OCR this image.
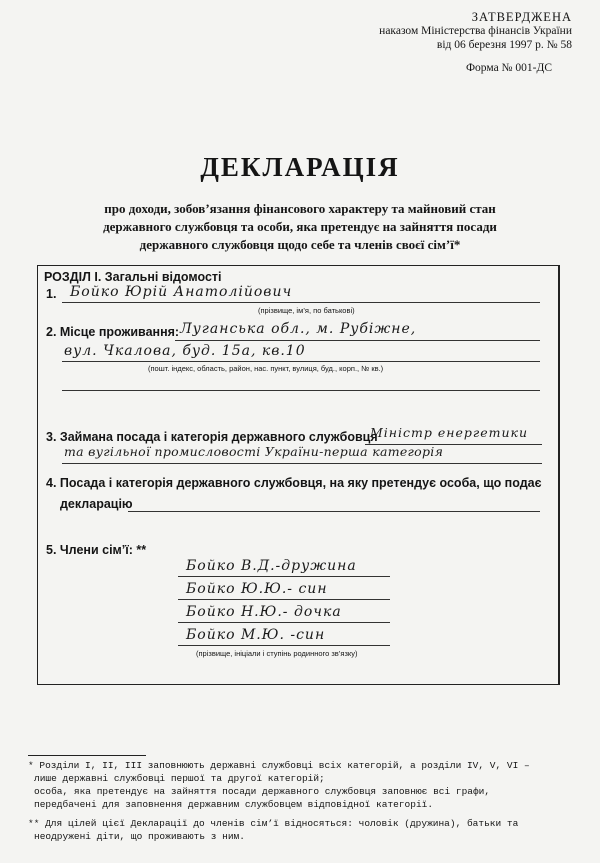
ЗАТВЕРДЖЕНА
наказом Міністерства фінансів України
від 06 березня 1997 р. № 58
Форма № 001-ДС
ДЕКЛАРАЦІЯ
про доходи, зобов’язання фінансового характеру та майновий стан
державного службовця та особи, яка претендує на зайняття посади
державного службовця щодо себе та членів своєї сім’ї*
РОЗДІЛ I. Загальні відомості
1. Бойко Юрій Анатолійович
(прізвище, ім’я, по батькові)
2. Місце проживання: Луганська обл., м. Рубіжне,
вул. Чкалова, буд. 15а, кв.10
(пошт. індекс, область, район, нас. пункт, вулиця, буд., корп., № кв.)
3. Займана посада і категорія державного службовця
Міністр енергетики
та вугільної промисловості України-перша категорія
4. Посада і категорія державного службовця, на яку претендує особа, що подає
декларацію
5. Члени сім’ї: **
Бойко В.Д.-дружина
Бойко Ю.Ю.- син
Бойко Н.Ю.- дочка
Бойко М.Ю. -син
(прізвище, ініціали і ступінь родинного зв’язку)
* Розділи I, II, III заповнюють державні службовці всіх категорій, а розділи IV, V, VI –
лише державні службовці першої та другої категорій;
особа, яка претендує на зайняття посади державного службовця заповнює всі графи,
передбачені для заповнення державним службовцем відповідної категорії.
** Для цілей цієї Декларації до членів сім’ї відносяться: чоловік (дружина), батьки та
неодружені діти, що проживають з ним.
